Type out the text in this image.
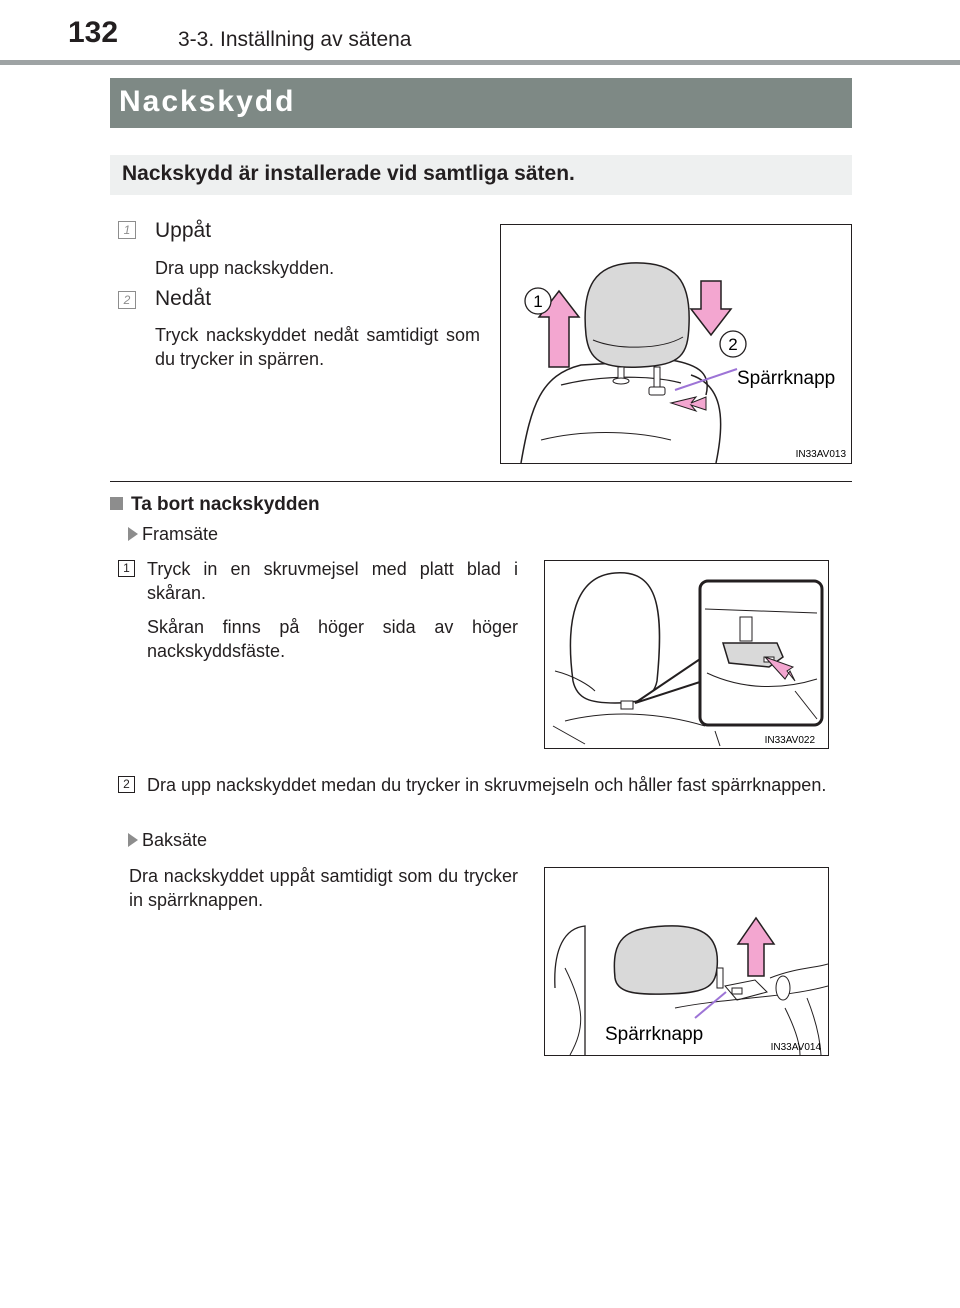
132	3-3. Inställning av sätena
Nackskydd
Nackskydd är installerade vid samtliga säten.
1 Uppåt
Dra upp nackskydden.
2 Nedåt
Tryck nackskyddet nedåt samtidigt som du trycker in spärren.
1
2
Spärrknapp
IN33AV013
Ta bort nackskydden
Framsäte
1 Tryck in en skruvmejsel med platt blad i skåran.
Skåran finns på höger sida av höger nackskyddsfäste.
IN33AV022
2 Dra upp nackskyddet medan du trycker in skruvmejseln och håller fast spärrknappen.
Baksäte
Dra nackskyddet uppåt samtidigt som du trycker in spärrknappen.
Spärrknapp
IN33AV014
